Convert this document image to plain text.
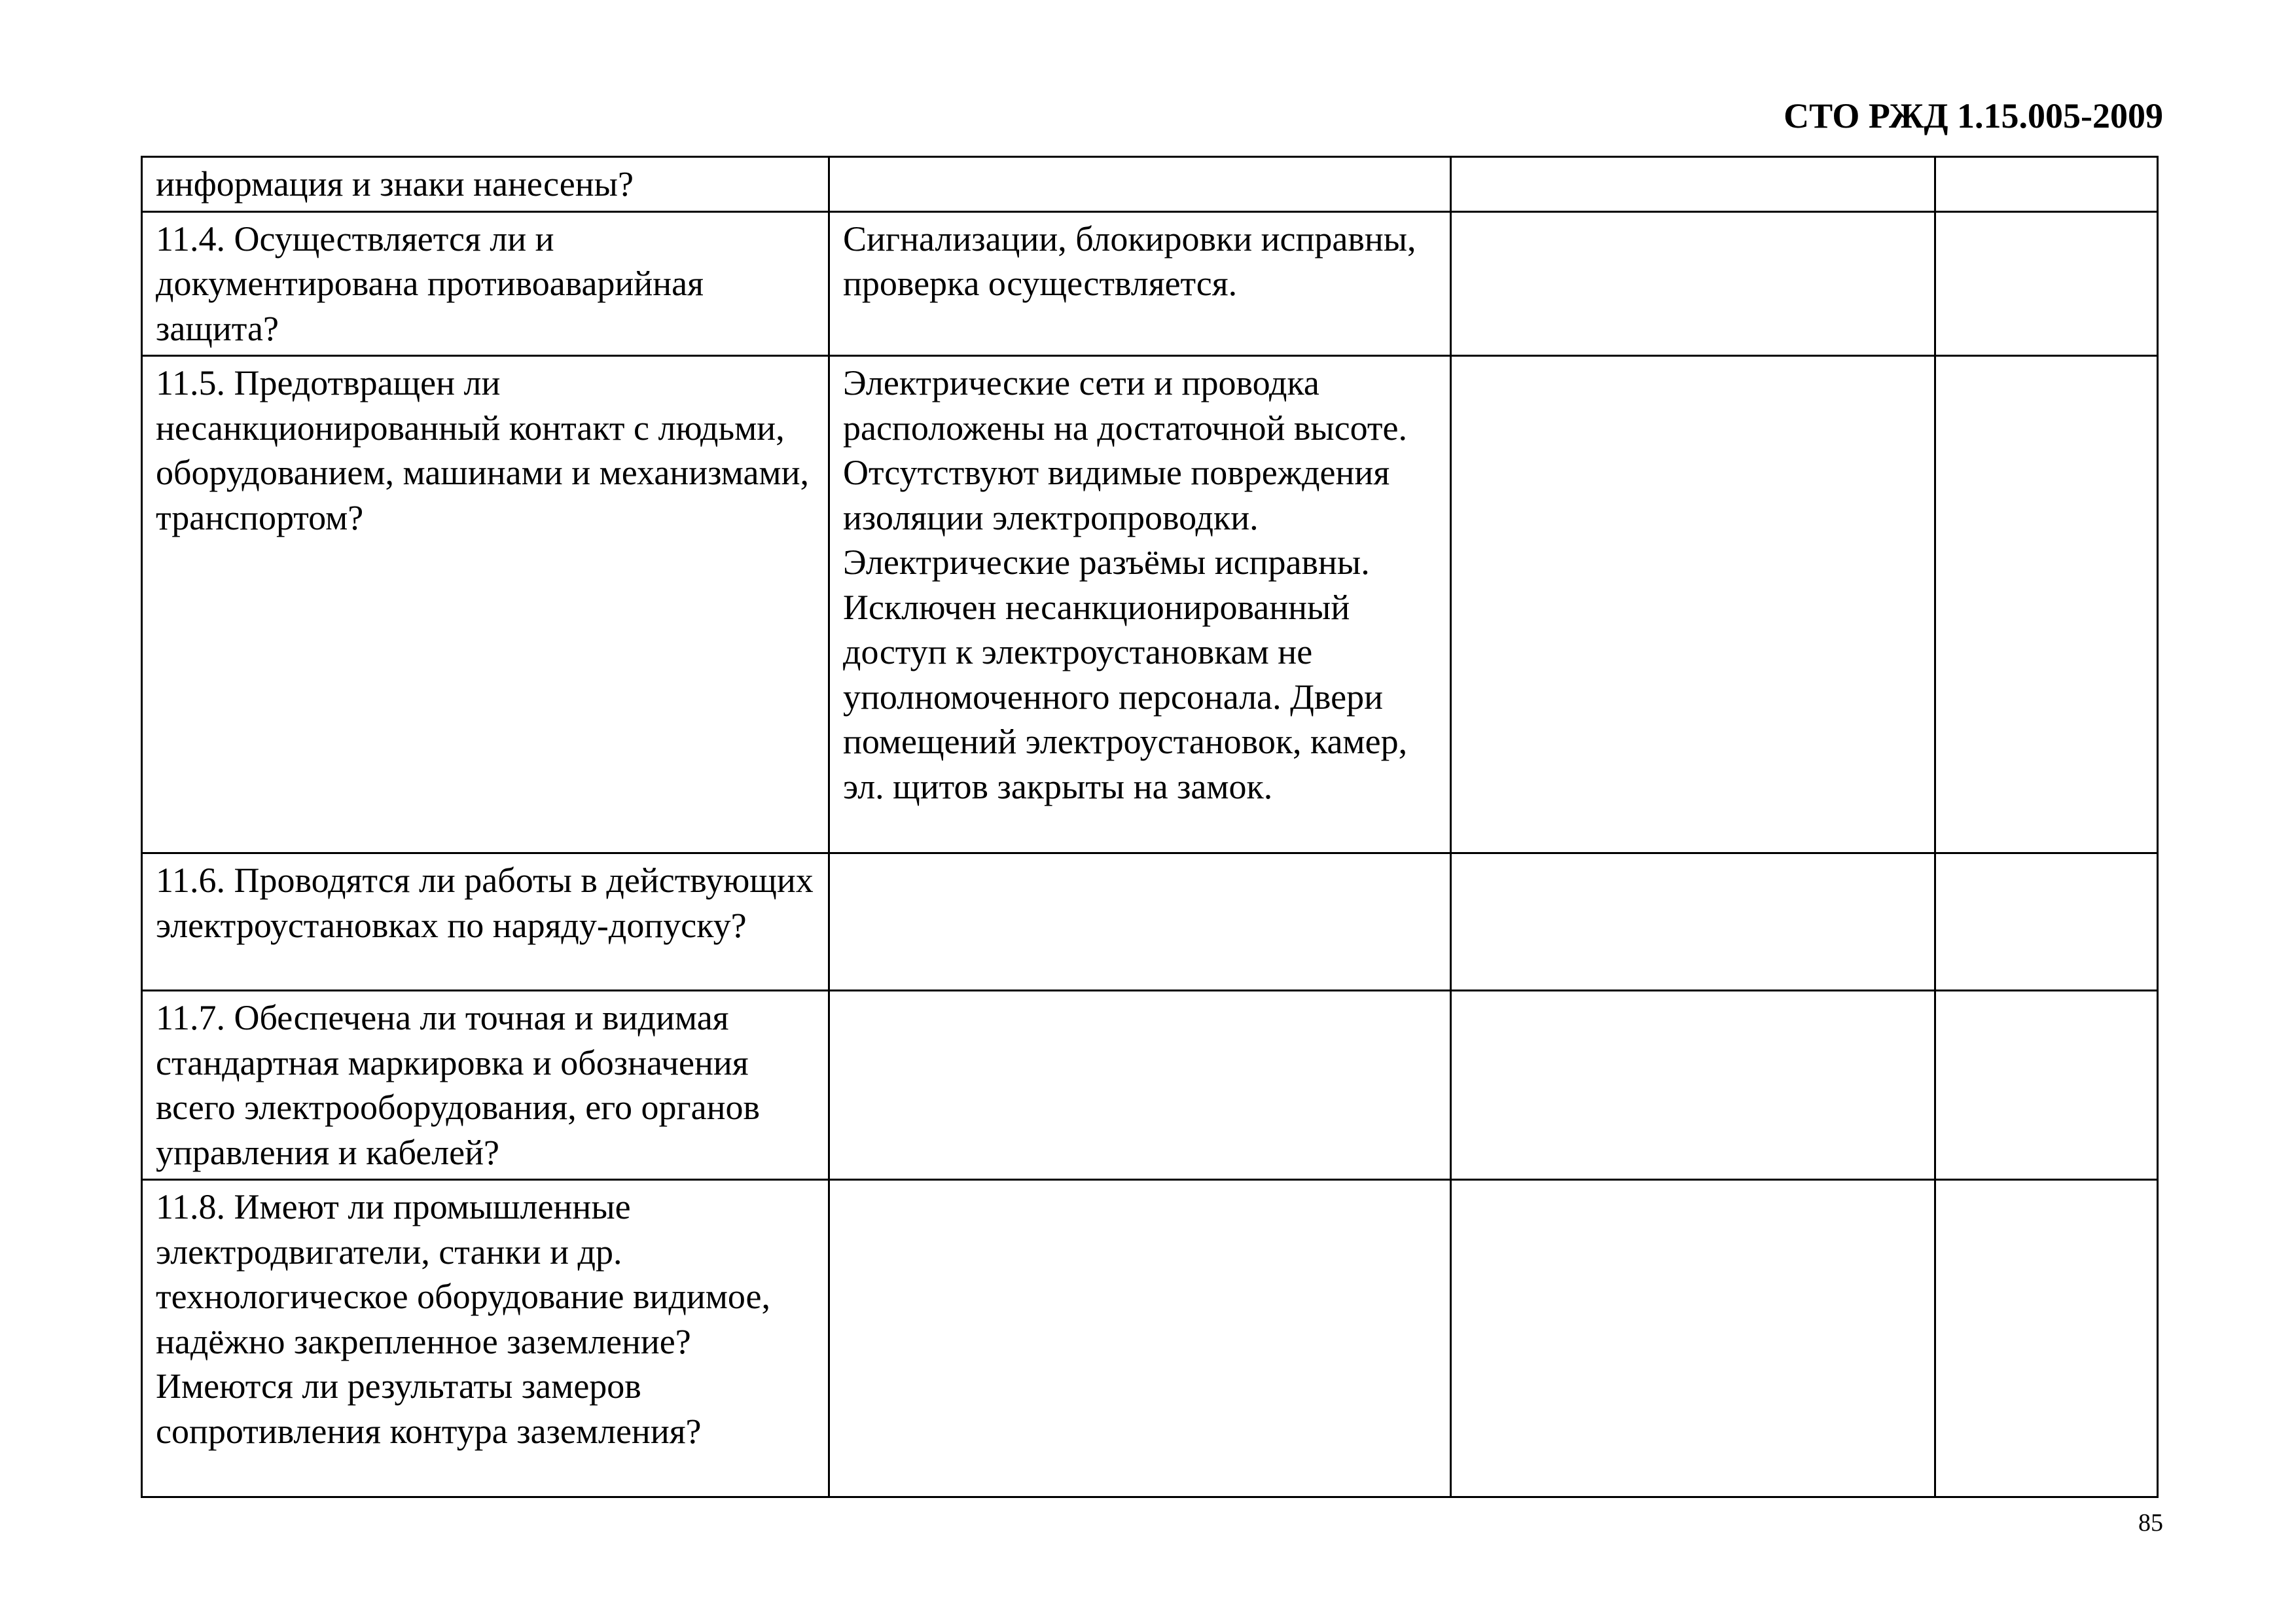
СТО РЖД 1.15.005-2009
информация и знаки нанесены?			
11.4. Осуществляется ли и документирована противоаварийная защита?	Сигнализации, блокировки исправны, проверка осуществляется.		
11.5. Предотвращен ли несанкционированный контакт с людьми, оборудованием, машинами и механизмами, транспортом?	Электрические сети и проводка расположены на достаточной высоте. Отсутствуют видимые повреждения изоляции электропроводки. Электрические разъёмы исправны. Исключен несанкционированный доступ к электроустановкам не уполномоченного персонала. Двери помещений электроустановок, камер, эл. щитов закрыты на замок.		
11.6. Проводятся ли работы в действующих электроустановках по наряду-допуску?			
11.7. Обеспечена ли точная и видимая стандартная маркировка и обозначения всего электрооборудования, его органов управления и кабелей?			
11.8. Имеют ли промышленные электродвигатели, станки и др. технологическое оборудование видимое, надёжно закрепленное заземление? Имеются ли результаты замеров сопротивления контура заземления?			
85
